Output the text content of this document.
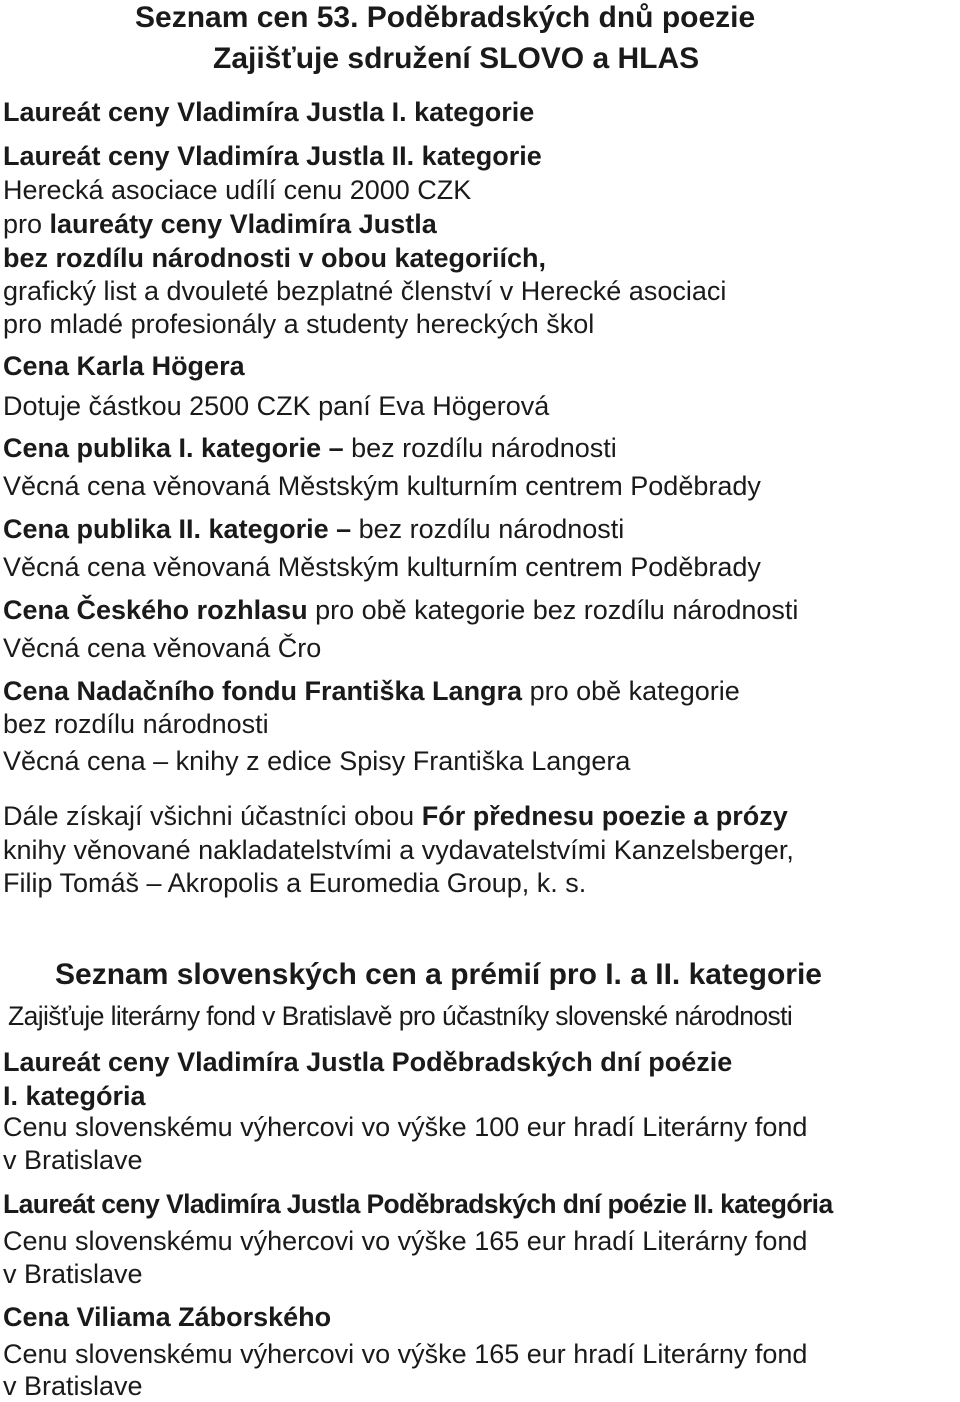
Seznam cen 53. Poděbradských dnů poezie
Zajišťuje sdružení SLOVO a HLAS
Laureát ceny Vladimíra Justla I. kategorie
Laureát ceny Vladimíra Justla II. kategorie
Herecká asociace udílí cenu 2000 CZK
pro laureáty ceny Vladimíra Justla
bez rozdílu národnosti v obou kategoriích,
grafický list a dvouleté bezplatné členství v Herecké asociaci
pro mladé profesionály a studenty hereckých škol
Cena Karla Högera
Dotuje částkou 2500 CZK paní Eva Högerová
Cena publika I. kategorie – bez rozdílu národnosti
Věcná cena věnovaná Městským kulturním centrem Poděbrady
Cena publika II. kategorie – bez rozdílu národnosti
Věcná cena věnovaná Městským kulturním centrem Poděbrady
Cena Českého rozhlasu pro obě kategorie bez rozdílu národnosti
Věcná cena věnovaná Čro
Cena Nadačního fondu Františka Langra pro obě kategorie
bez rozdílu národnosti
Věcná cena – knihy z edice Spisy Františka Langera
Dále získají všichni účastníci obou Fór přednesu poezie a prózy
knihy věnované nakladatelstvími a vydavatelstvími Kanzelsberger,
Filip Tomáš – Akropolis a Euromedia Group, k. s.
Seznam slovenských cen a prémií pro I. a II. kategorie
Zajišťuje literárny fond v Bratislavě pro účastníky slovenské národnosti
Laureát ceny Vladimíra Justla Poděbradských dní poézie
I. kategória
Cenu slovenskému výhercovi vo výške 100 eur hradí Literárny fond
v Bratislave
Laureát ceny Vladimíra Justla Poděbradských dní poézie II. kategória
Cenu slovenskému výhercovi vo výške 165 eur hradí Literárny fond
v Bratislave
Cena Viliama Záborského
Cenu slovenskému výhercovi vo výške 165 eur hradí Literárny fond
v Bratislave
